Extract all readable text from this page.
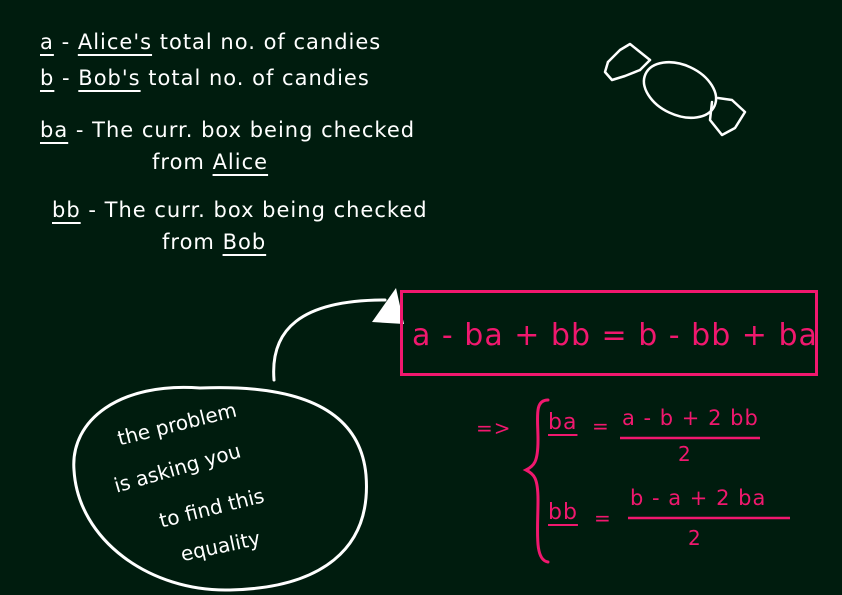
a - Alice's total no. of candies
b - Bob's total no. of candies
ba - The curr. box being checked
from Alice
bb - The curr. box being checked
from Bob
a - ba + bb = b - bb + ba
=> ba = a - b + 2 bb
2
bb =
b - a + 2 ba
2
the problem
is asking you
to find this
equality
